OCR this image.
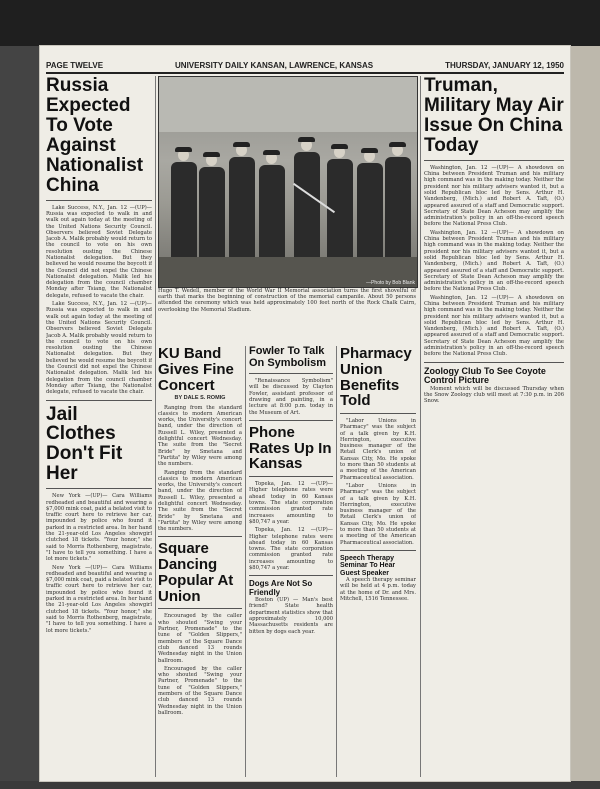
PAGE TWELVE	UNIVERSITY DAILY KANSAN, LAWRENCE, KANSAS	THURSDAY, JANUARY 12, 1950
Russia Expected To Vote Against Nationalist China

Lake Success, N.Y., Jan. 12 —(UP)— Russia was expected to walk in and walk out again today at the meeting of the United Nations Security Council. Observers believed Soviet Delegate Jacob A. Malik probably would return to the council to vote on his own resolution ousting the Chinese Nationalist delegation. But they believed he would resume the boycott if the Council did not expel the Chinese Nationalist delegation. Malik led his delegation from the council chamber Monday after Tsiang, the Nationalist delegate, refused to vacate the chair.

Lake Success, N.Y., Jan. 12 —(UP)— Russia was expected to walk in and walk out again today at the meeting of the United Nations Security Council. Observers believed Soviet Delegate Jacob A. Malik probably would return to the council to vote on his own resolution ousting the Chinese Nationalist delegation. But they believed he would resume the boycott if the Council did not expel the Chinese Nationalist delegation. Malik led his delegation from the council chamber Monday after Tsiang, the Nationalist delegate, refused to vacate the chair.

Jail Clothes Don't Fit Her

New York —(UP)— Cara Williams redheaded and beautiful and wearing a $7,000 mink coat, paid a belated visit to traffic court here to retrieve her car, impounded by police who found it parked in a restricted area. In her hand the 21-year-old Los Angeles showgirl clutched 18 tickets. "Your honor," she said to Morris Rothenberg, magistrate, "I have to tell you something. I have a lot more tickets."

New York —(UP)— Cara Williams redheaded and beautiful and wearing a $7,000 mink coat, paid a belated visit to traffic court here to retrieve her car, impounded by police who found it parked in a restricted area. In her hand the 21-year-old Los Angeles showgirl clutched 18 tickets. "Your honor," she said to Morris Rothenberg, magistrate, "I have to tell you something. I have a lot more tickets."

—Photo by Bob Blank
Hugo T. Wedell, member of the World War II Memorial association turns the first shovelful of earth that marks the beginning of construction of the memorial campanile. About 50 persons attended the ceremony which was held approximately 100 feet north of the Rock Chalk Cairn, overlooking the Memorial Stadium.
KU Band Gives Fine Concert
BY DALE S. ROMIG

Ranging from the standard classics to modern American works, the University's concert band, under the direction of Russell L. Wiley, presented a delightful concert Wednesday. The suite from the "Secret Bride" by Smetana and "Partita" by Wiley were among the numbers.

Ranging from the standard classics to modern American works, the University's concert band, under the direction of Russell L. Wiley, presented a delightful concert Wednesday. The suite from the "Secret Bride" by Smetana and "Partita" by Wiley were among the numbers.

Square Dancing Popular At Union

Encouraged by the caller who shouted "Swing your Partner, Promenade" to the tune of "Golden Slippers," members of the Square Dance club danced 13 rounds Wednesday night in the Union ballroom.

Encouraged by the caller who shouted "Swing your Partner, Promenade" to the tune of "Golden Slippers," members of the Square Dance club danced 13 rounds Wednesday night in the Union ballroom.

Fowler To Talk On Symbolism

"Renaissance Symbolism" will be discussed by Clayton Fowler, assistant professor of drawing and painting, in a lecture at 8:00 p.m. today in the Museum of Art.

Phone Rates Up In Kansas

Topeka, Jan. 12 —(UP)— Higher telephone rates were ahead today in 60 Kansas towns. The state corporation commission granted rate increases amounting to $80,747 a year.

Topeka, Jan. 12 —(UP)— Higher telephone rates were ahead today in 60 Kansas towns. The state corporation commission granted rate increases amounting to $80,747 a year.

Dogs Are Not So Friendly

Boston (UP) — Man's best friend? State health department statistics show that approximately 10,000 Massachusetts residents are bitten by dogs each year.

Pharmacy Union Benefits Told

"Labor Unions in Pharmacy" was the subject of a talk given by K.H. Herrington, executive business manager of the Retail Clerk's union of Kansas City, Mo. He spoke to more than 50 students at a meeting of the American Pharmaceutical association.

"Labor Unions in Pharmacy" was the subject of a talk given by K.H. Herrington, executive business manager of the Retail Clerk's union of Kansas City, Mo. He spoke to more than 50 students at a meeting of the American Pharmaceutical association.

Speech Therapy Seminar To Hear Guest Speaker

A speech therapy seminar will be held at 4 p.m. today at the home of Dr. and Mrs. Mitchell, 1516 Tennessee.

Truman, Military May Air Issue On China Today

Washington, Jan. 12 —(UP)— A showdown on China between President Truman and his military high command was in the making today. Neither the president nor his military advisers wanted it, but a solid Republican bloc led by Sens. Arthur H. Vandenberg, (Mich.) and Robert A. Taft, (O.) appeared assured of a staff and Democratic support. Secretary of State Dean Acheson may amplify the administration's policy in an off-the-record speech before the National Press Club.

Washington, Jan. 12 —(UP)— A showdown on China between President Truman and his military high command was in the making today. Neither the president nor his military advisers wanted it, but a solid Republican bloc led by Sens. Arthur H. Vandenberg, (Mich.) and Robert A. Taft, (O.) appeared assured of a staff and Democratic support. Secretary of State Dean Acheson may amplify the administration's policy in an off-the-record speech before the National Press Club.

Washington, Jan. 12 —(UP)— A showdown on China between President Truman and his military high command was in the making today. Neither the president nor his military advisers wanted it, but a solid Republican bloc led by Sens. Arthur H. Vandenberg, (Mich.) and Robert A. Taft, (O.) appeared assured of a staff and Democratic support. Secretary of State Dean Acheson may amplify the administration's policy in an off-the-record speech before the National Press Club.

Zoology Club To See Coyote Control Picture

Moment which will be discussed Thursday when the Snow Zoology club will meet at 7:30 p.m. in 206 Snow.
